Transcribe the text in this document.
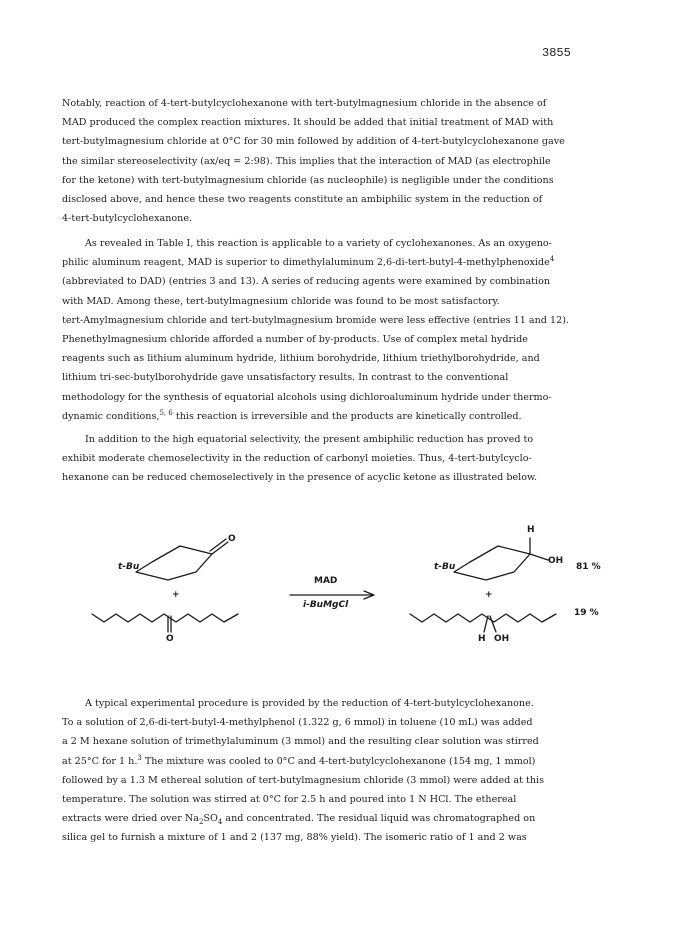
3855
Notably, reaction of 4-tert-butylcyclohexanone with tert-butylmagnesium chloride in the absence of
MAD produced the complex reaction mixtures. It should be added that initial treatment of MAD with
tert-butylmagnesium chloride at 0°C for 30 min followed by addition of 4-tert-butylcyclohexanone gave
the similar stereoselectivity (ax/eq = 2:98). This implies that the interaction of MAD (as electrophile
for the ketone) with tert-butylmagnesium chloride (as nucleophile) is negligible under the conditions
disclosed above, and hence these two reagents constitute an ambiphilic system in the reduction of
4-tert-butylcyclohexanone.
As revealed in Table I, this reaction is applicable to a variety of cyclohexanones. As an oxygeno-
philic aluminum reagent, MAD is superior to dimethylaluminum 2,6-di-tert-butyl-4-methylphenoxide$^4$
(abbreviated to DAD) (entries 3 and 13). A series of reducing agents were examined by combination
with MAD. Among these, tert-butylmagnesium chloride was found to be most satisfactory.
tert-Amylmagnesium chloride and tert-butylmagnesium bromide were less effective (entries 11 and 12).
Phenethylmagnesium chloride afforded a number of by-products. Use of complex metal hydride
reagents such as lithium aluminum hydride, lithium borohydride, lithium triethylborohydride, and
lithium tri-sec-butylborohydride gave unsatisfactory results. In contrast to the conventional
methodology for the synthesis of equatorial alcohols using dichloroaluminum hydride under thermo-
dynamic conditions,$^{5, 6}$ this reaction is irreversible and the products are kinetically controlled.
In addition to the high equatorial selectivity, the present ambiphilic reduction has proved to
exhibit moderate chemoselectivity in the reduction of carbonyl moieties. Thus, 4-tert-butylcyclo-
hexanone can be reduced chemoselectively in the presence of acyclic ketone as illustrated below.
t-Bu
O
+
O
MAD
i-BuMgCl
t-Bu
H
OH
81 %
+
H OH
19 %
A typical experimental procedure is provided by the reduction of 4-tert-butylcyclohexanone.
To a solution of 2,6-di-tert-butyl-4-methylphenol (1.322 g, 6 mmol) in toluene (10 mL) was added
a 2 M hexane solution of trimethylaluminum (3 mmol) and the resulting clear solution was stirred
at 25°C for 1 h.$^3$ The mixture was cooled to 0°C and 4-tert-butylcyclohexanone (154 mg, 1 mmol)
followed by a 1.3 M ethereal solution of tert-butylmagnesium chloride (3 mmol) were added at this
temperature. The solution was stirred at 0°C for 2.5 h and poured into 1 N HCl. The ethereal
extracts were dried over $Na_2SO_4$ and concentrated. The residual liquid was chromatographed on
silica gel to furnish a mixture of 1 and 2 (137 mg, 88% yield). The isomeric ratio of 1 and 2 was
